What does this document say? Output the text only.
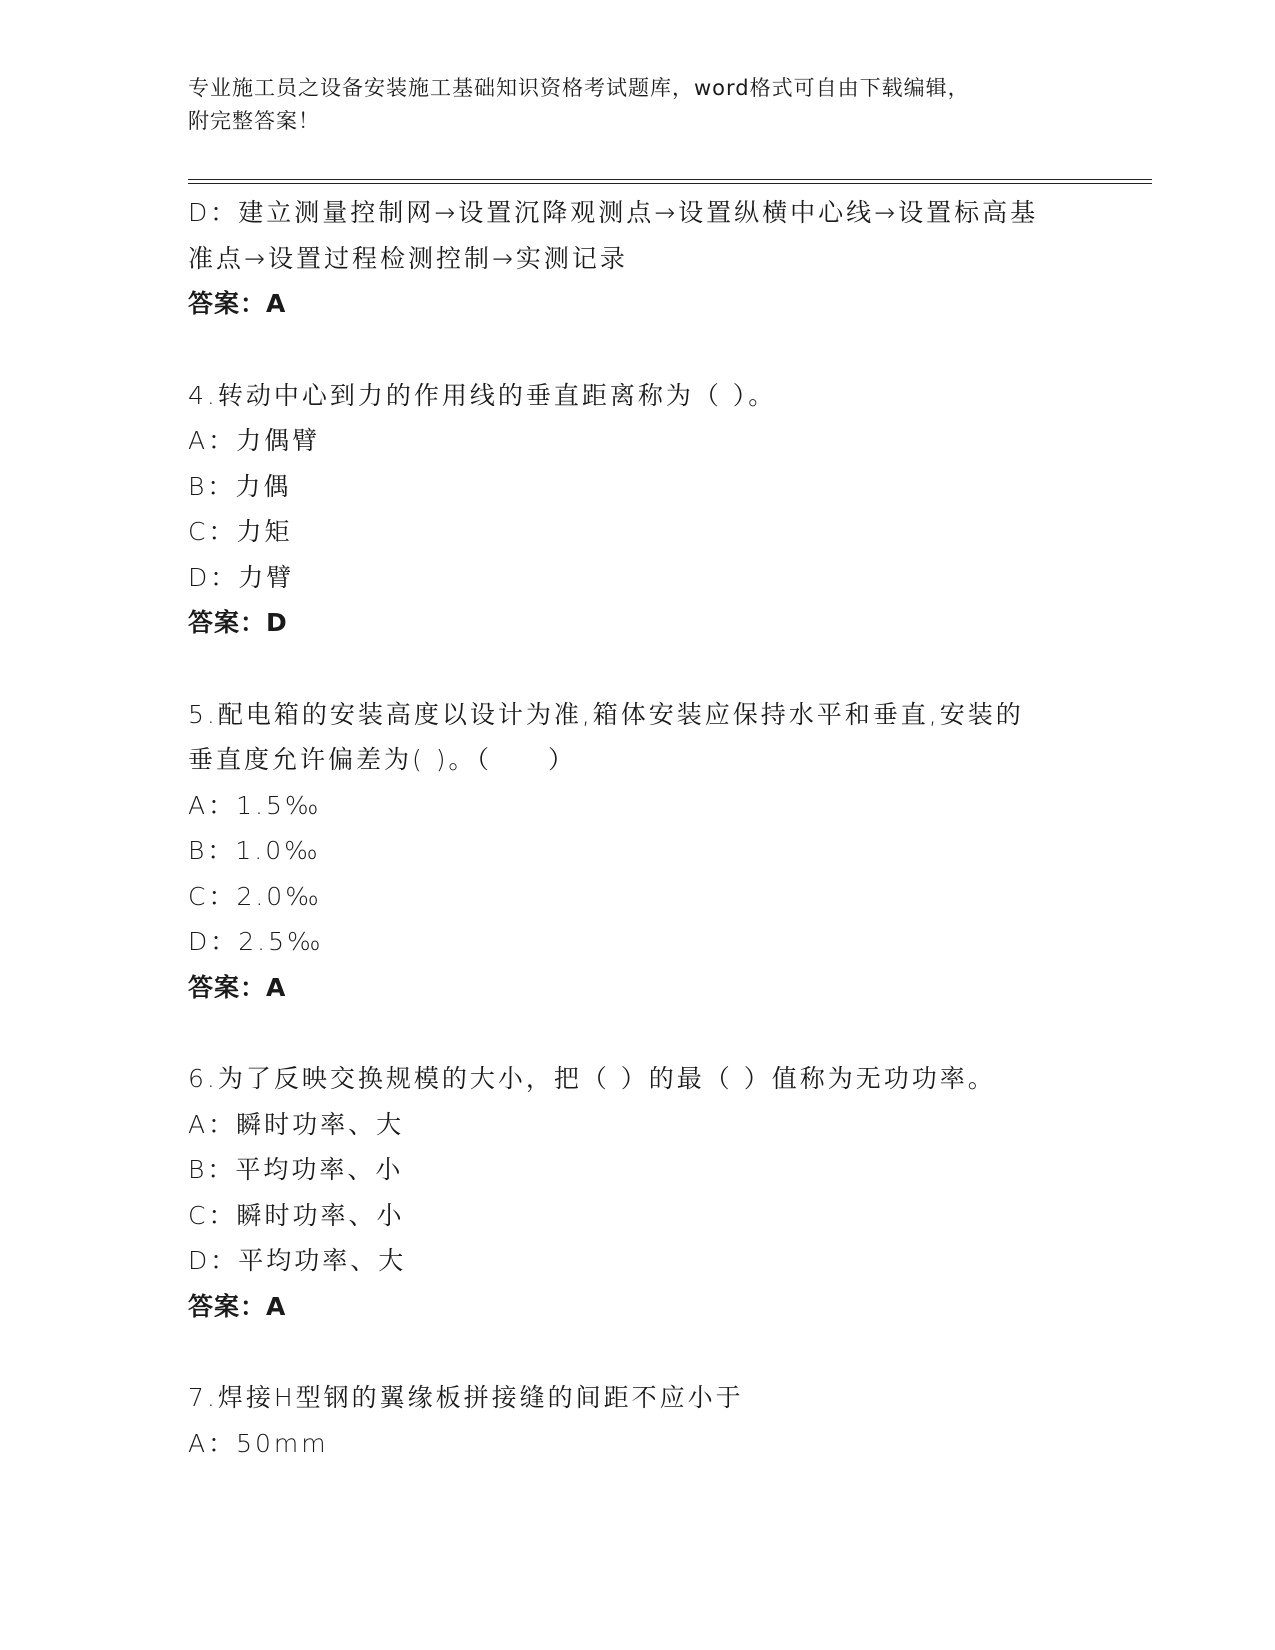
专业施工员之设备安装施工基础知识资格考试题库，word格式可自由下载编辑，
附完整答案！
D：建立测量控制网→设置沉降观测点→设置纵横中心线→设置标高基
准点→设置过程检测控制→实测记录
答案：A
4.转动中心到力的作用线的垂直距离称为（ ）。
A：力偶臂
B：力偶
C：力矩
D：力臂
答案：D
5.配电箱的安装高度以设计为准,箱体安装应保持水平和垂直,安装的
垂直度允许偏差为( )。（　　）
A：1.5‰
B：1.0‰
C：2.0‰
D：2.5‰
答案：A
6.为了反映交换规模的大小，把（ ）的最（ ）值称为无功功率。
A：瞬时功率、大
B：平均功率、小
C：瞬时功率、小
D：平均功率、大
答案：A
7.焊接H型钢的翼缘板拼接缝的间距不应小于
A：50mm
